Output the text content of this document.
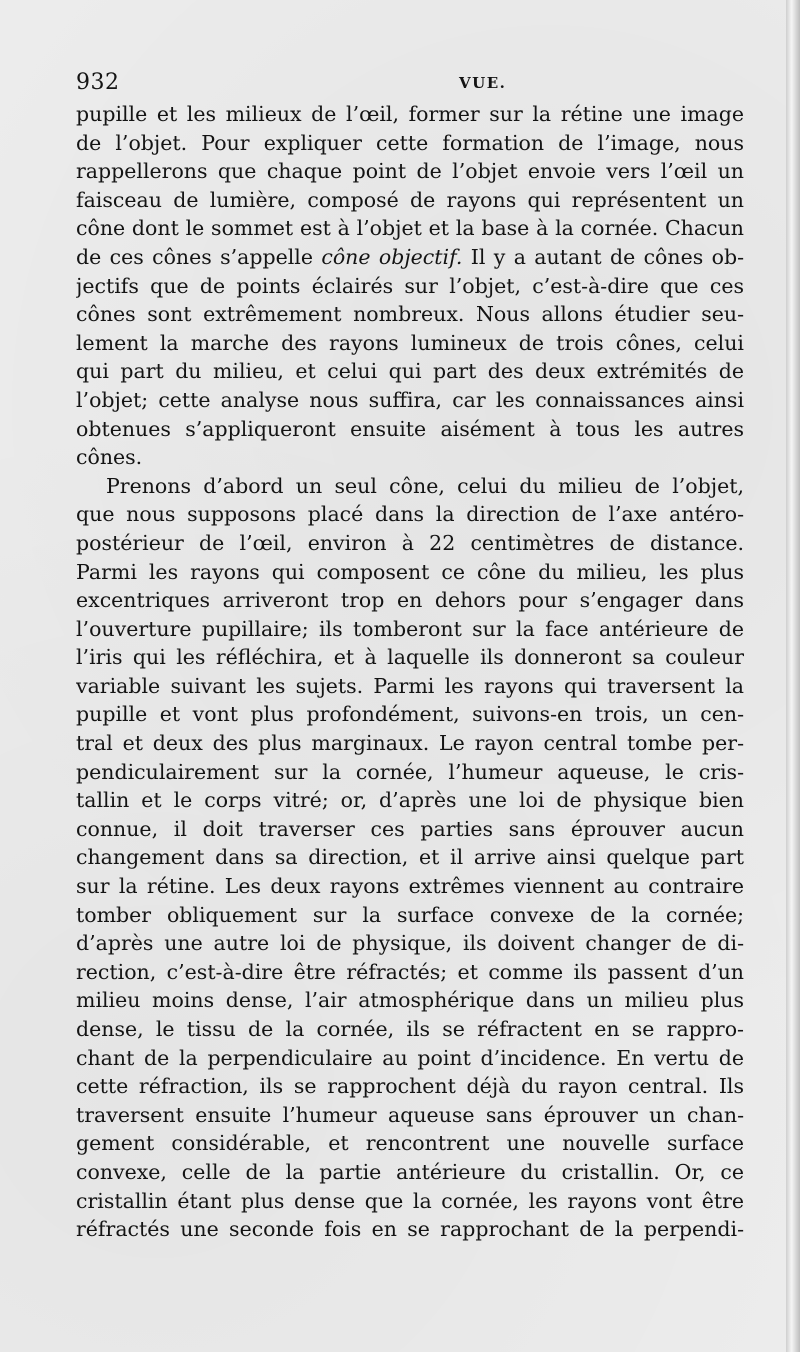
932	VUE.
pupille et les milieux de l’œil, former sur la rétine une image
de l’objet. Pour expliquer cette formation de l’image, nous
rappellerons que chaque point de l’objet envoie vers l’œil un
faisceau de lumière, composé de rayons qui représentent un
cône dont le sommet est à l’objet et la base à la cornée. Chacun
de ces cônes s’appelle cône objectif. Il y a autant de cônes ob-
jectifs que de points éclairés sur l’objet, c’est-à-dire que ces
cônes sont extrêmement nombreux. Nous allons étudier seu-
lement la marche des rayons lumineux de trois cônes, celui
qui part du milieu, et celui qui part des deux extrémités de
l’objet; cette analyse nous suffira, car les connaissances ainsi
obtenues s’appliqueront ensuite aisément à tous les autres
cônes.
Prenons d’abord un seul cône, celui du milieu de l’objet,
que nous supposons placé dans la direction de l’axe antéro-
postérieur de l’œil, environ à 22 centimètres de distance.
Parmi les rayons qui composent ce cône du milieu, les plus
excentriques arriveront trop en dehors pour s’engager dans
l’ouverture pupillaire; ils tomberont sur la face antérieure de
l’iris qui les réfléchira, et à laquelle ils donneront sa couleur
variable suivant les sujets. Parmi les rayons qui traversent la
pupille et vont plus profondément, suivons-en trois, un cen-
tral et deux des plus marginaux. Le rayon central tombe per-
pendiculairement sur la cornée, l’humeur aqueuse, le cris-
tallin et le corps vitré; or, d’après une loi de physique bien
connue, il doit traverser ces parties sans éprouver aucun
changement dans sa direction, et il arrive ainsi quelque part
sur la rétine. Les deux rayons extrêmes viennent au contraire
tomber obliquement sur la surface convexe de la cornée;
d’après une autre loi de physique, ils doivent changer de di-
rection, c’est-à-dire être réfractés; et comme ils passent d’un
milieu moins dense, l’air atmosphérique dans un milieu plus
dense, le tissu de la cornée, ils se réfractent en se rappro-
chant de la perpendiculaire au point d’incidence. En vertu de
cette réfraction, ils se rapprochent déjà du rayon central. Ils
traversent ensuite l’humeur aqueuse sans éprouver un chan-
gement considérable, et rencontrent une nouvelle surface
convexe, celle de la partie antérieure du cristallin. Or, ce
cristallin étant plus dense que la cornée, les rayons vont être
réfractés une seconde fois en se rapprochant de la perpendi-
